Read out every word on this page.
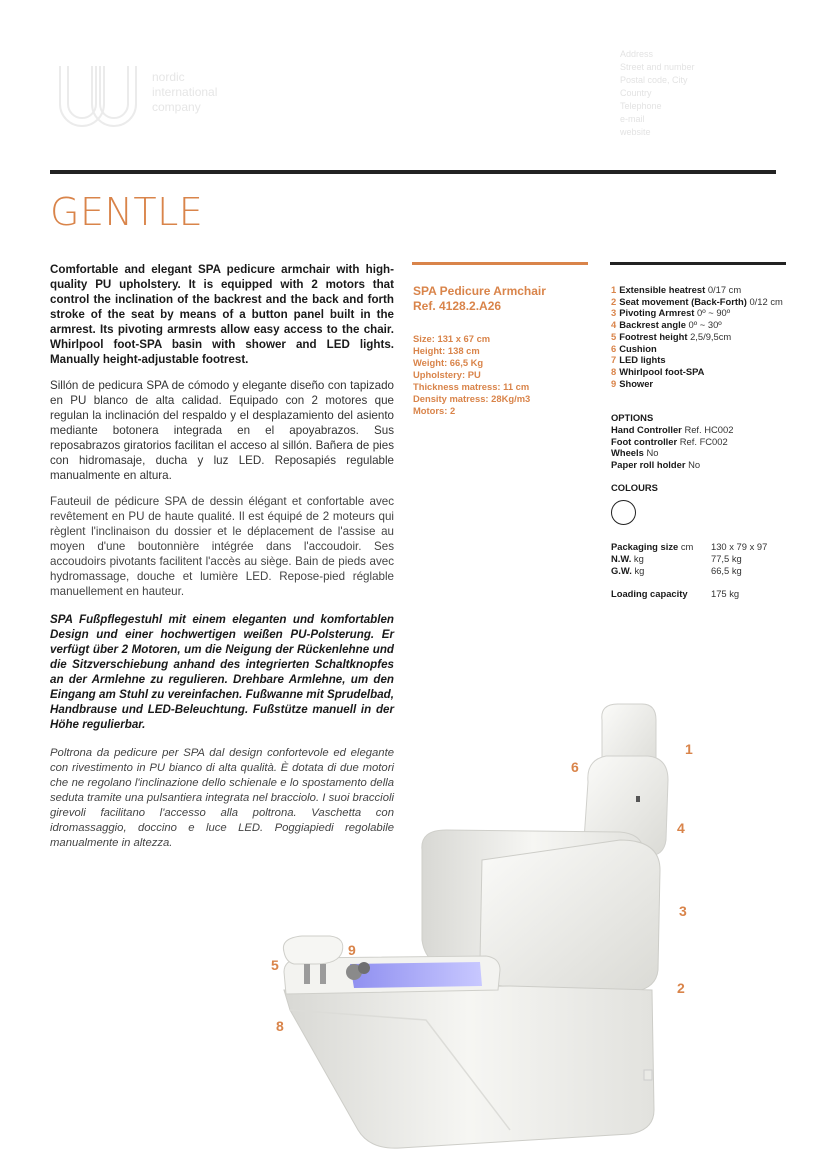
nordic
international
company
Address
Street and number
Postal code, City
Country
Telephone
e-mail
website
GENTLE

Comfortable and elegant SPA pedicure armchair with high-quality PU upholstery. It is equipped with 2 motors that control the inclination of the backrest and the back and forth stroke of the seat by means of a button panel built in the armrest. Its pivoting armrests allow easy access to the chair. Whirlpool foot-SPA basin with shower and LED lights. Manually height-adjustable footrest.

Sillón de pedicura SPA de cómodo y elegante diseño con tapizado en PU blanco de alta calidad. Equipado con 2 motores que regulan la inclinación del respaldo y el desplazamiento del asiento mediante botonera integrada en el apoyabrazos. Sus reposabrazos giratorios facilitan el acceso al sillón. Bañera de pies con hidromasaje, ducha y luz LED. Reposapiés regulable manualmente en altura.

Fauteuil de pédicure SPA de dessin élégant et confortable avec revêtement en PU de haute qualité. Il est équipé de 2 moteurs qui règlent l'inclinaison du dossier et le déplacement de l'assise au moyen d'une boutonnière intégrée dans l'accoudoir. Ses accoudoirs pivotants facilitent l'accès au siège. Bain de pieds avec hydromassage, douche et lumière LED. Repose-pied réglable manuellement en hauteur.

SPA Fußpflegestuhl mit einem eleganten und komfortablen Design und einer hochwertigen weißen PU-Polsterung. Er verfügt über 2 Motoren, um die Neigung der Rückenlehne und die Sitzverschiebung anhand des integrierten Schaltknopfes an der Armlehne zu regulieren. Drehbare Armlehne, um den Eingang am Stuhl zu vereinfachen. Fußwanne mit Sprudelbad, Handbrause und LED-Beleuchtung. Fußstütze manuell in der Höhe regulierbar.

Poltrona da pedicure per SPA dal design confortevole ed elegante con rivestimento in PU bianco di alta qualità. È dotata di due motori che ne regolano l'inclinazione dello schienale e lo spostamento della seduta tramite una pulsantiera integrata nel bracciolo. I suoi braccioli girevoli facilitano l'accesso alla poltrona. Vaschetta con idromassaggio, doccino e luce LED. Poggiapiedi regolabile manualmente in altezza.

SPA Pedicure Armchair
Ref. 4128.2.A26
Size: 131 x 67 cm
Height: 138 cm
Weight: 66,5 Kg
Upholstery: PU
Thickness matress: 11 cm
Density matress: 28Kg/m3
Motors: 2
1 Extensible heatrest 0/17 cm
2 Seat movement (Back-Forth) 0/12 cm
3 Pivoting Armrest 0º ~ 90º
4 Backrest angle 0º ~ 30º
5 Footrest height 2,5/9,5cm
6 Cushion
7 LED lights
8 Whirlpool foot-SPA
9 Shower
OPTIONS
Hand Controller Ref. HC002
Foot controller Ref. FC002
Wheels No
Paper roll holder No
COLOURS
Packaging size cm 130 x 79 x 97
N.W. kg	77,5 kg
G.W. kg	66,5 kg
Loading capacity 175 kg
1
2
3
4
5
6
8
9
